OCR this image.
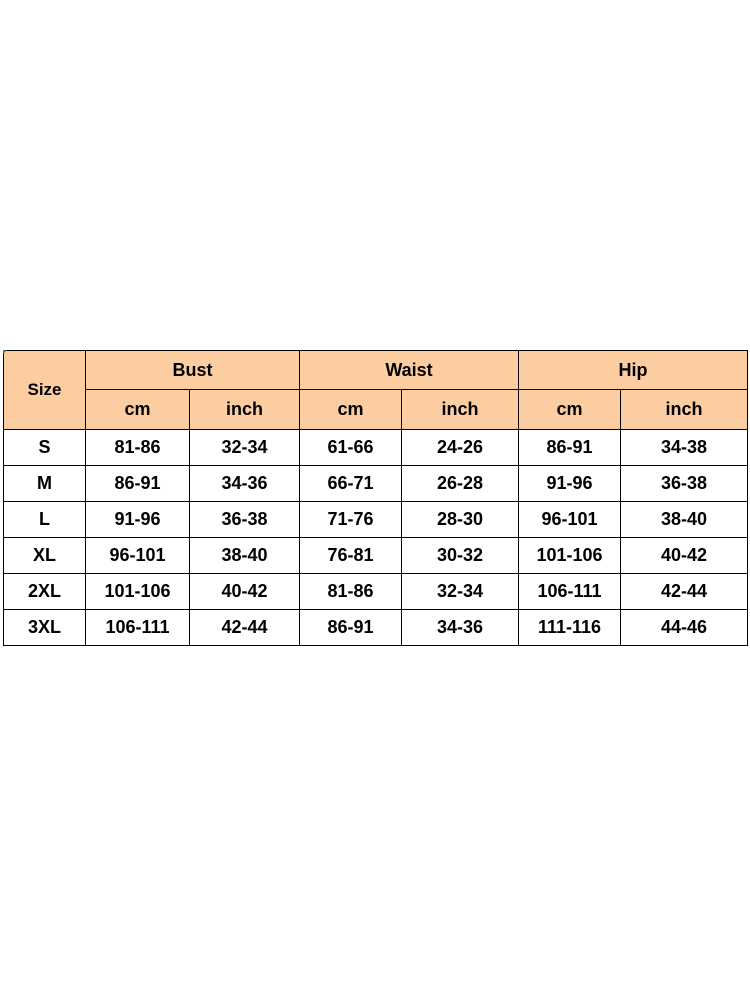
Size	Bust		Waist		Hip	
	cm	inch	cm	inch	cm	inch
S	81-86	32-34	61-66	24-26	86-91	34-38
M	86-91	34-36	66-71	26-28	91-96	36-38
L	91-96	36-38	71-76	28-30	96-101	38-40
XL	96-101	38-40	76-81	30-32	101-106	40-42
2XL	101-106	40-42	81-86	32-34	106-111	42-44
3XL	106-111	42-44	86-91	34-36	111-116	44-46
